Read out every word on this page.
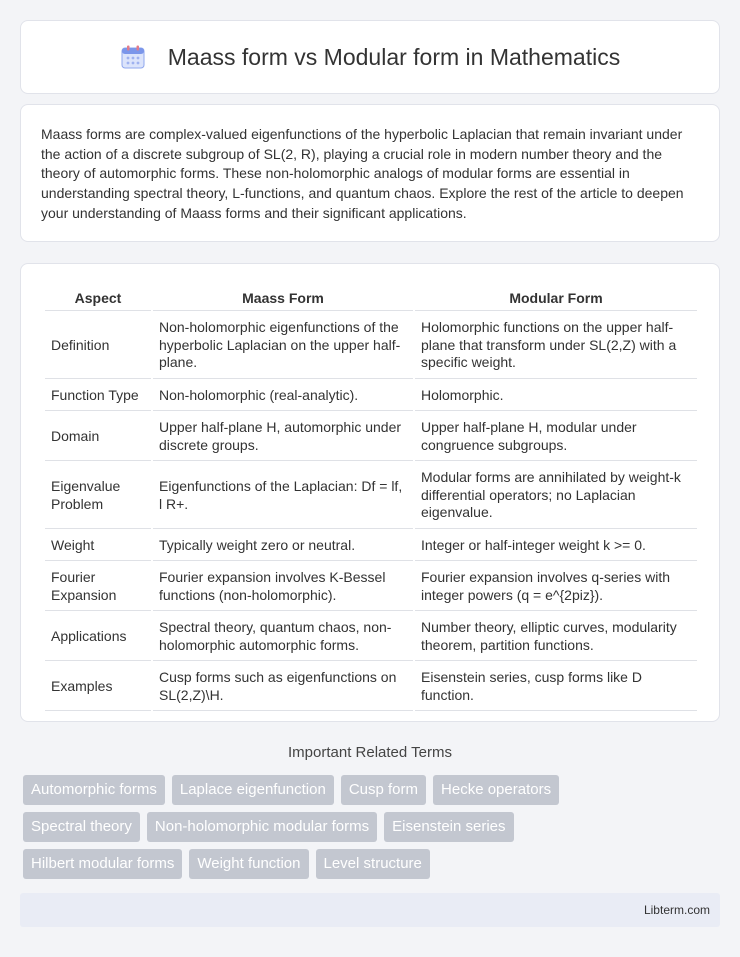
Maass form vs Modular form in Mathematics

Maass forms are complex-valued eigenfunctions of the hyperbolic Laplacian that remain invariant under the action of a discrete subgroup of SL(2, R), playing a crucial role in modern number theory and the theory of automorphic forms. These non-holomorphic analogs of modular forms are essential in understanding spectral theory, L-functions, and quantum chaos. Explore the rest of the article to deepen your understanding of Maass forms and their significant applications.

Aspect	Maass Form	Modular Form
Definition	Non-holomorphic eigenfunctions of the hyperbolic Laplacian on the upper half-plane.	Holomorphic functions on the upper half-plane that transform under SL(2,Z) with a specific weight.
Function Type	Non-holomorphic (real-analytic).	Holomorphic.
Domain	Upper half-plane H, automorphic under discrete groups.	Upper half-plane H, modular under congruence subgroups.
Eigenvalue Problem	Eigenfunctions of the Laplacian: Df = lf, l R+.	Modular forms are annihilated by weight-k differential operators; no Laplacian eigenvalue.
Weight	Typically weight zero or neutral.	Integer or half-integer weight k >= 0.
Fourier Expansion	Fourier expansion involves K-Bessel functions (non-holomorphic).	Fourier expansion involves q-series with integer powers (q = e^{2piz}).
Applications	Spectral theory, quantum chaos, non-holomorphic automorphic forms.	Number theory, elliptic curves, modularity theorem, partition functions.
Examples	Cusp forms such as eigenfunctions on SL(2,Z)\H.	Eisenstein series, cusp forms like D function.
Important Related Terms
Automorphic forms	Laplace eigenfunction	Cusp form	Hecke operators
Spectral theory	Non-holomorphic modular forms	Eisenstein series
Hilbert modular forms	Weight function	Level structure
Libterm.com
